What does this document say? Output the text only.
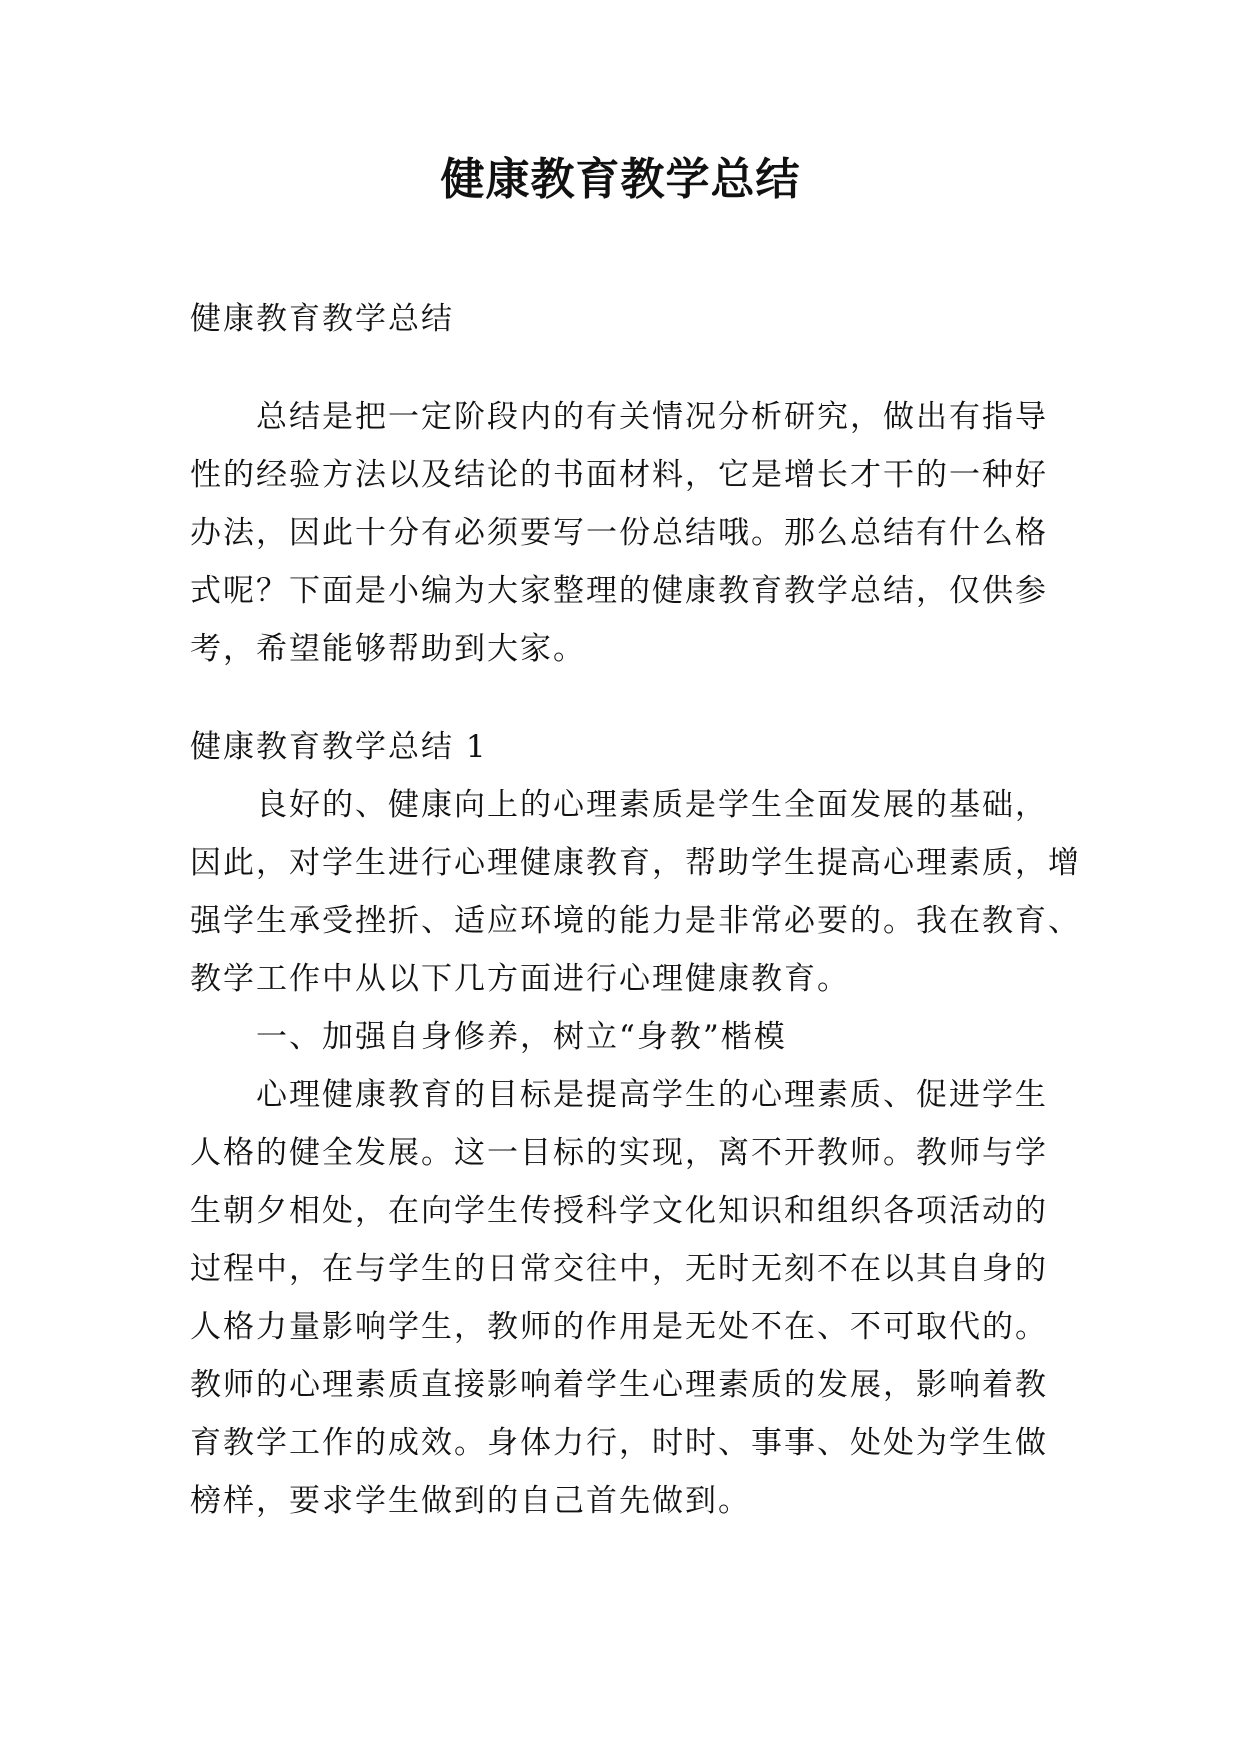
健康教育教学总结
健康教育教学总结
总结是把一定阶段内的有关情况分析研究，做出有指导
性的经验方法以及结论的书面材料，它是增长才干的一种好
办法，因此十分有必须要写一份总结哦。那么总结有什么格
式呢？下面是小编为大家整理的健康教育教学总结，仅供参
考，希望能够帮助到大家。
健康教育教学总结 1
良好的、健康向上的心理素质是学生全面发展的基础，
因此，对学生进行心理健康教育，帮助学生提高心理素质，增
强学生承受挫折、适应环境的能力是非常必要的。我在教育、
教学工作中从以下几方面进行心理健康教育。
一、加强自身修养，树立“身教”楷模
心理健康教育的目标是提高学生的心理素质、促进学生
人格的健全发展。这一目标的实现，离不开教师。教师与学
生朝夕相处，在向学生传授科学文化知识和组织各项活动的
过程中，在与学生的日常交往中，无时无刻不在以其自身的
人格力量影响学生，教师的作用是无处不在、不可取代的。
教师的心理素质直接影响着学生心理素质的发展，影响着教
育教学工作的成效。身体力行，时时、事事、处处为学生做
榜样，要求学生做到的自己首先做到。
